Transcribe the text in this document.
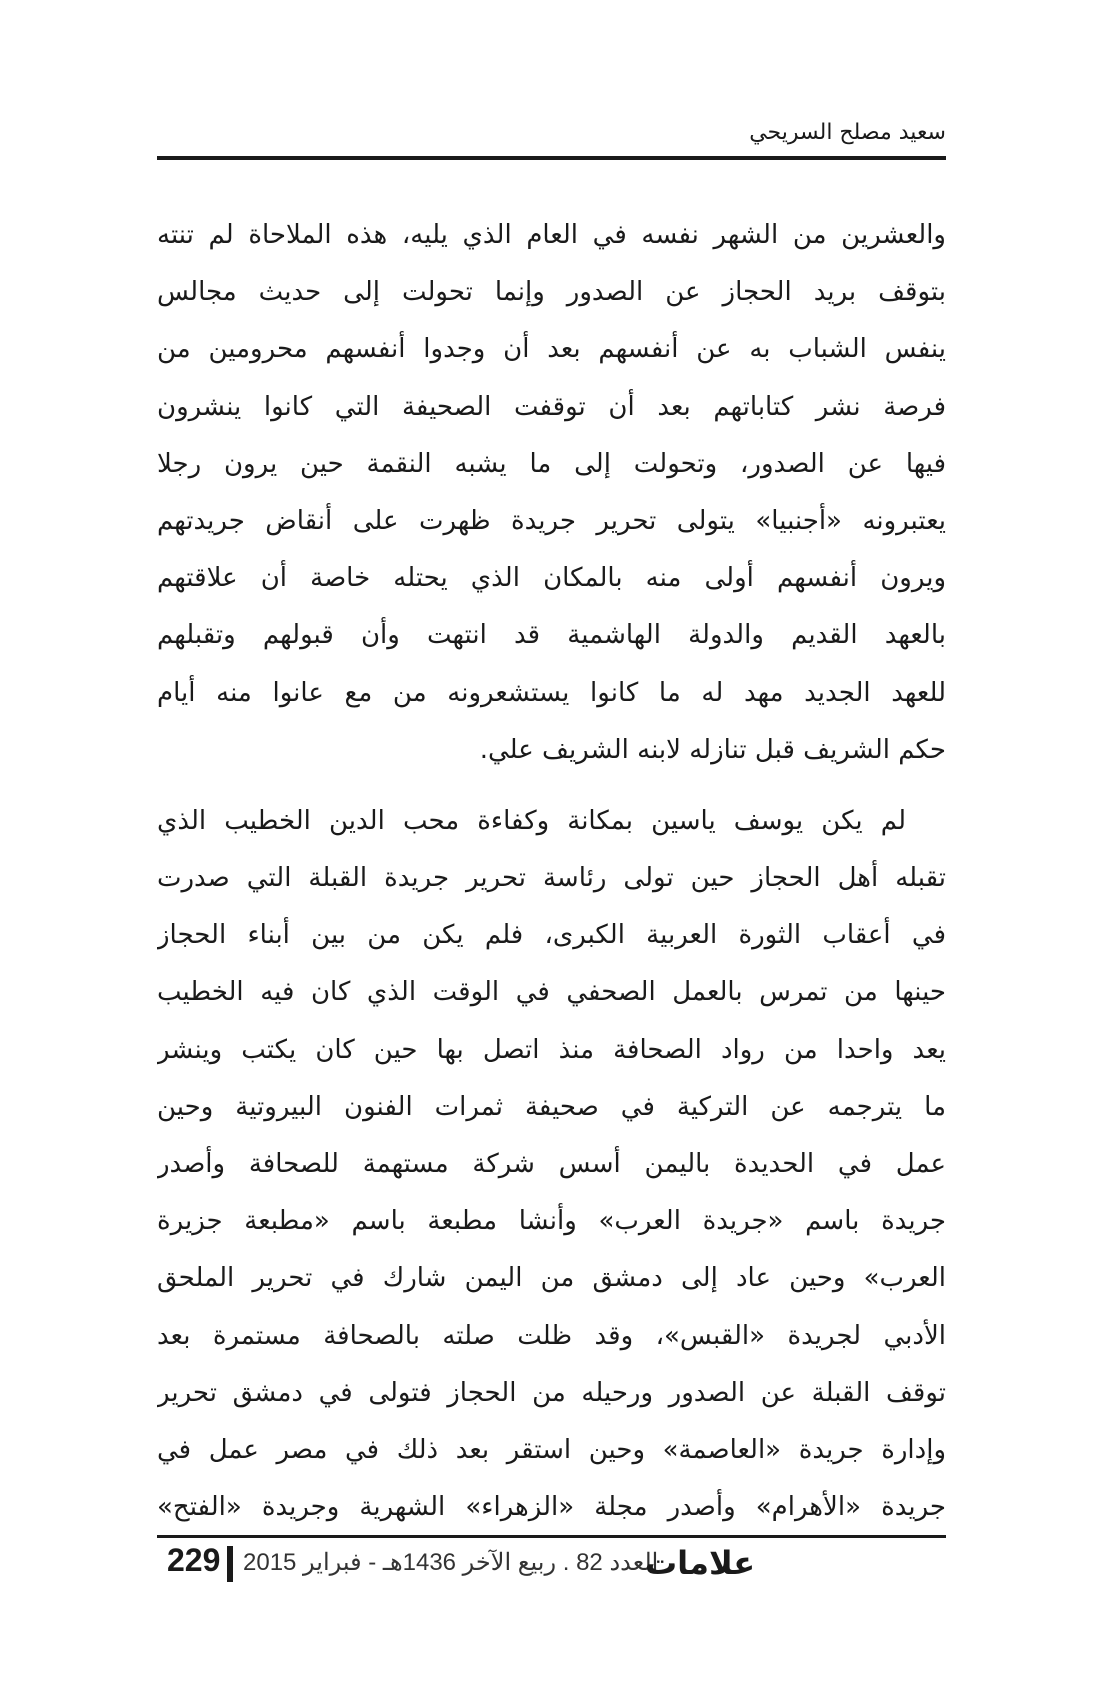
سعيد مصلح السريحي
والعشرين من الشهر نفسه في العام الذي يليه، هذه الملاحاة لم تنته
بتوقف بريد الحجاز عن الصدور وإنما تحولت إلى حديث مجالس
ينفس الشباب به عن أنفسهم بعد أن وجدوا أنفسهم محرومين من
فرصة نشر كتاباتهم بعد أن توقفت الصحيفة التي كانوا ينشرون
فيها عن الصدور، وتحولت إلى ما يشبه النقمة حين يرون رجلا
يعتبرونه «أجنبيا» يتولى تحرير جريدة ظهرت على أنقاض جريدتهم
ويرون أنفسهم أولى منه بالمكان الذي يحتله خاصة أن علاقتهم
بالعهد القديم والدولة الهاشمية قد انتهت وأن قبولهم وتقبلهم
للعهد الجديد مهد له ما كانوا يستشعرونه من مع عانوا منه أيام
حكم الشريف قبل تنازله لابنه الشريف علي.
لم يكن يوسف ياسين بمكانة وكفاءة محب الدين الخطيب الذي
تقبله أهل الحجاز حين تولى رئاسة تحرير جريدة القبلة التي صدرت
في أعقاب الثورة العربية الكبرى، فلم يكن من بين أبناء الحجاز
حينها من تمرس بالعمل الصحفي في الوقت الذي كان فيه الخطيب
يعد واحدا من رواد الصحافة منذ اتصل بها حين كان يكتب وينشر
ما يترجمه عن التركية في صحيفة ثمرات الفنون البيروتية وحين
عمل في الحديدة باليمن أسس شركة مستهمة للصحافة وأصدر
جريدة باسم «جريدة العرب» وأنشا مطبعة باسم «مطبعة جزيرة
العرب» وحين عاد إلى دمشق من اليمن شارك في تحرير الملحق
الأدبي لجريدة «القبس»، وقد ظلت صلته بالصحافة مستمرة بعد
توقف القبلة عن الصدور ورحيله من الحجاز فتولى في دمشق تحرير
وإدارة جريدة «العاصمة» وحين استقر بعد ذلك في مصر عمل في
جريدة «الأهرام» وأصدر مجلة «الزهراء» الشهرية وجريدة «الفتح»
229 العدد 82 . ربيع الآخر 1436هـ - فبراير 2015
علامات
